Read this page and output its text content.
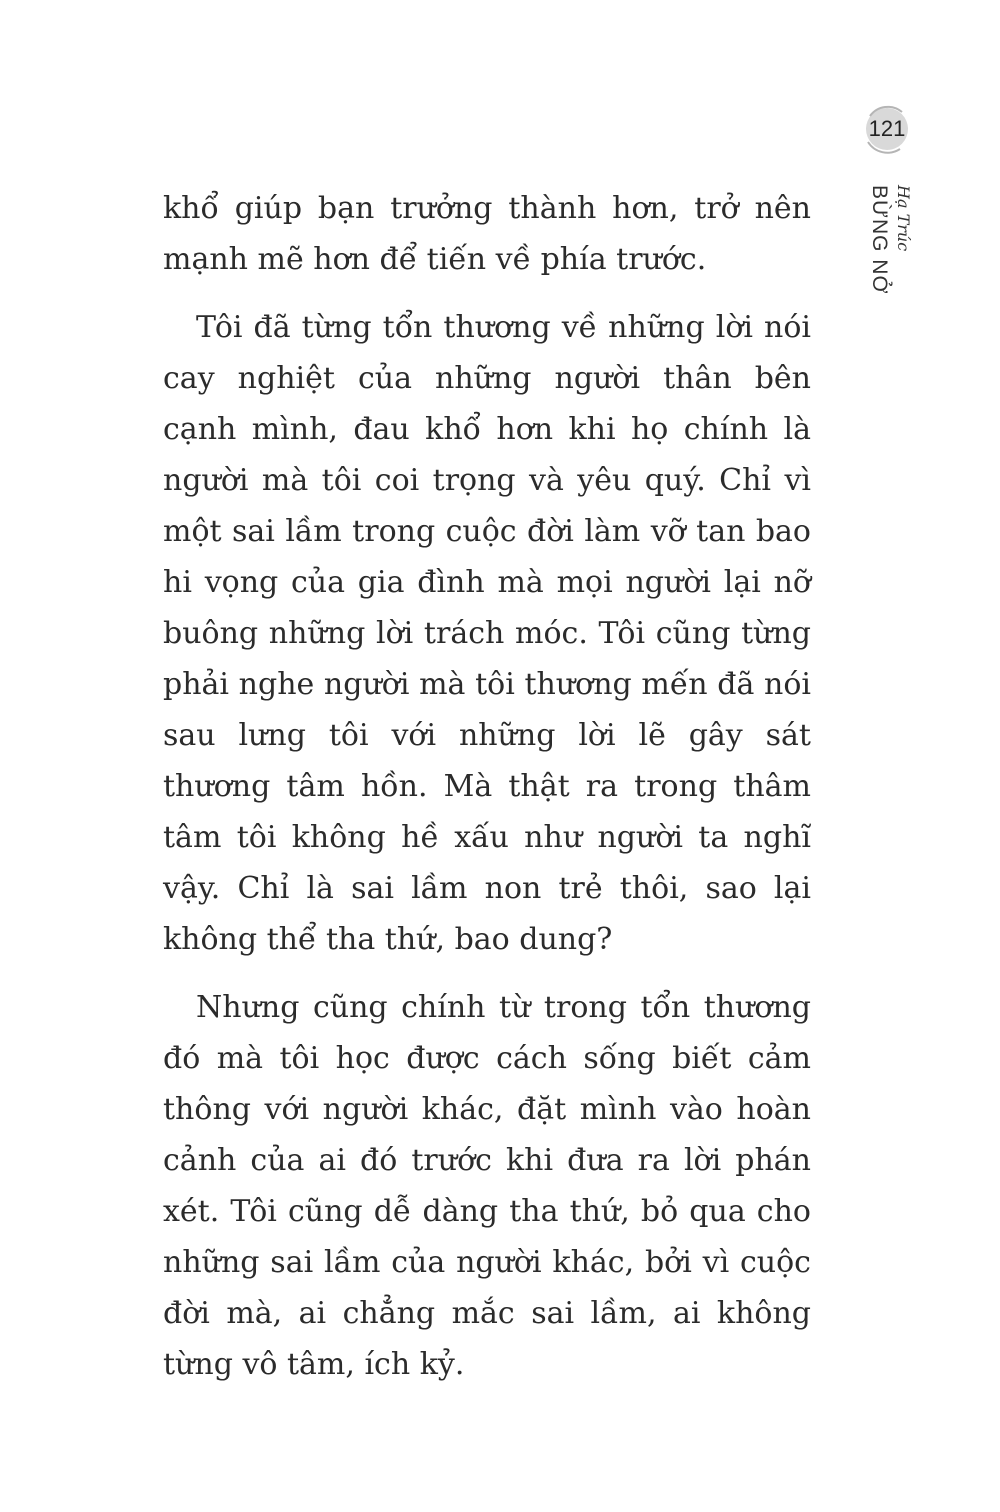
121
Hạ Trúc
BỪNG NỞ

khổ giúp bạn trưởng thành hơn, trở nên mạnh mẽ hơn để tiến về phía trước.

Tôi đã từng tổn thương về những lời nói cay nghiệt của những người thân bên cạnh mình, đau khổ hơn khi họ chính là người mà tôi coi trọng và yêu quý. Chỉ vì một sai lầm trong cuộc đời làm vỡ tan bao hi vọng của gia đình mà mọi người lại nỡ buông những lời trách móc. Tôi cũng từng phải nghe người mà tôi thương mến đã nói sau lưng tôi với những lời lẽ gây sát thương tâm hồn. Mà thật ra trong thâm tâm tôi không hề xấu như người ta nghĩ vậy. Chỉ là sai lầm non trẻ thôi, sao lại không thể tha thứ, bao dung?

Nhưng cũng chính từ trong tổn thương đó mà tôi học được cách sống biết cảm thông với người khác, đặt mình vào hoàn cảnh của ai đó trước khi đưa ra lời phán xét. Tôi cũng dễ dàng tha thứ, bỏ qua cho những sai lầm của người khác, bởi vì cuộc đời mà, ai chẳng mắc sai lầm, ai không từng vô tâm, ích kỷ.
